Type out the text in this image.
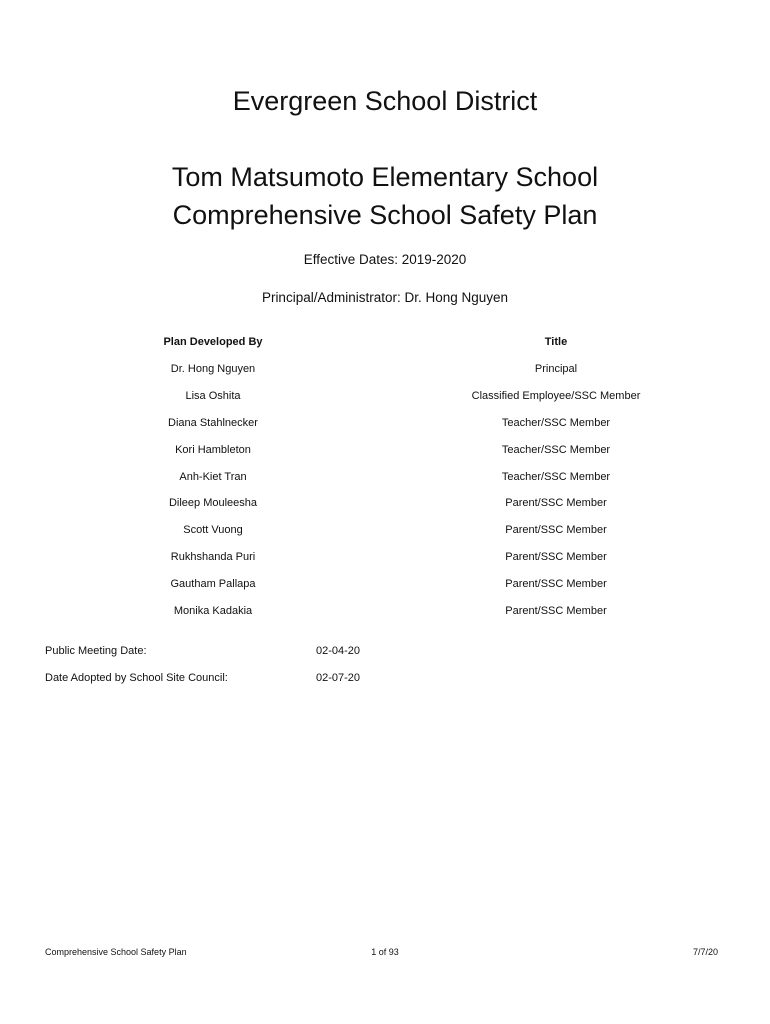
Evergreen School District
Tom Matsumoto Elementary School
Comprehensive School Safety Plan
Effective Dates: 2019-2020
Principal/Administrator: Dr. Hong Nguyen
Plan Developed By	Title
Dr. Hong Nguyen	Principal
Lisa Oshita	Classified Employee/SSC Member
Diana Stahlnecker	Teacher/SSC Member
Kori Hambleton	Teacher/SSC Member
Anh-Kiet Tran	Teacher/SSC Member
Dileep Mouleesha	Parent/SSC Member
Scott Vuong	Parent/SSC Member
Rukhshanda Puri	Parent/SSC Member
Gautham Pallapa	Parent/SSC Member
Monika Kadakia	Parent/SSC Member
Public Meeting Date:	02-04-20
Date Adopted by School Site Council:	02-07-20
Comprehensive School Safety Plan	1 of 93	7/7/20
